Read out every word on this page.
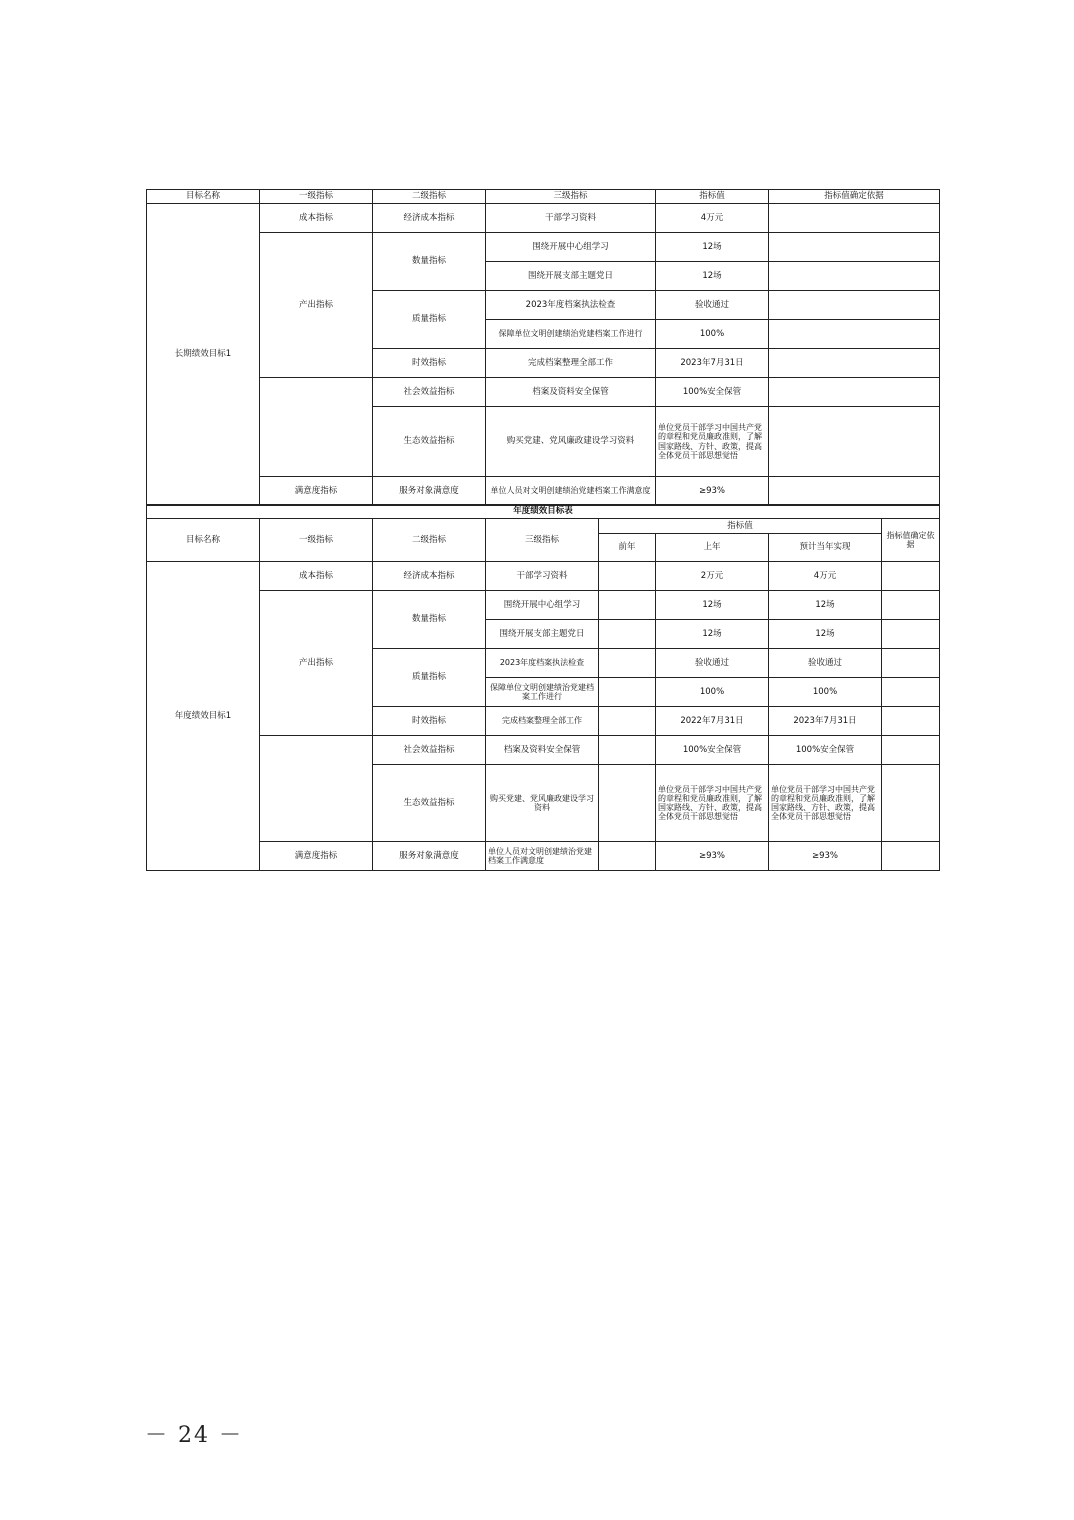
目标名称	一级指标	二级指标	三级指标	指标值	指标值确定依据
长期绩效目标1	成本指标	经济成本指标	干部学习资料	4万元	
	产出指标	数量指标	围绕开展中心组学习	12场	
			围绕开展支部主题党日	12场	
		质量指标	2023年度档案执法检查	验收通过	
			保障单位文明创建绩治党建档案工作进行	100%	
		时效指标	完成档案整理全部工作	2023年7月31日	
		社会效益指标	档案及资料安全保管	100%安全保管	
		生态效益指标	购买党建、党风廉政建设学习资料	单位党员干部学习中国共产党的章程和党员廉政准则，了解国家路线、方针、政策，提高全体党员干部思想觉悟	
	满意度指标	服务对象满意度	单位人员对文明创建绩治党建档案工作满意度	≥93%	
年度绩效目标表							
目标名称	一级指标	二级指标	三级指标	指标值			指标值确定依据
				前年	上年	预计当年实现	
年度绩效目标1	成本指标	经济成本指标	干部学习资料		2万元	4万元	
	产出指标	数量指标	围绕开展中心组学习		12场	12场	
			围绕开展支部主题党日		12场	12场	
		质量指标	2023年度档案执法检查		验收通过	验收通过	
			保障单位文明创建绩治党建档案工作进行		100%	100%	
		时效指标	完成档案整理全部工作		2022年7月31日	2023年7月31日	
		社会效益指标	档案及资料安全保管		100%安全保管	100%安全保管	
		生态效益指标	购买党建、党风廉政建设学习资料		单位党员干部学习中国共产党的章程和党员廉政准则，了解国家路线、方针、政策，提高全体党员干部思想觉悟	单位党员干部学习中国共产党的章程和党员廉政准则，了解国家路线、方针、政策，提高全体党员干部思想觉悟	
	满意度指标	服务对象满意度	单位人员对文明创建绩治党建档案工作满意度		≥93%	≥93%	
－ 24 －
